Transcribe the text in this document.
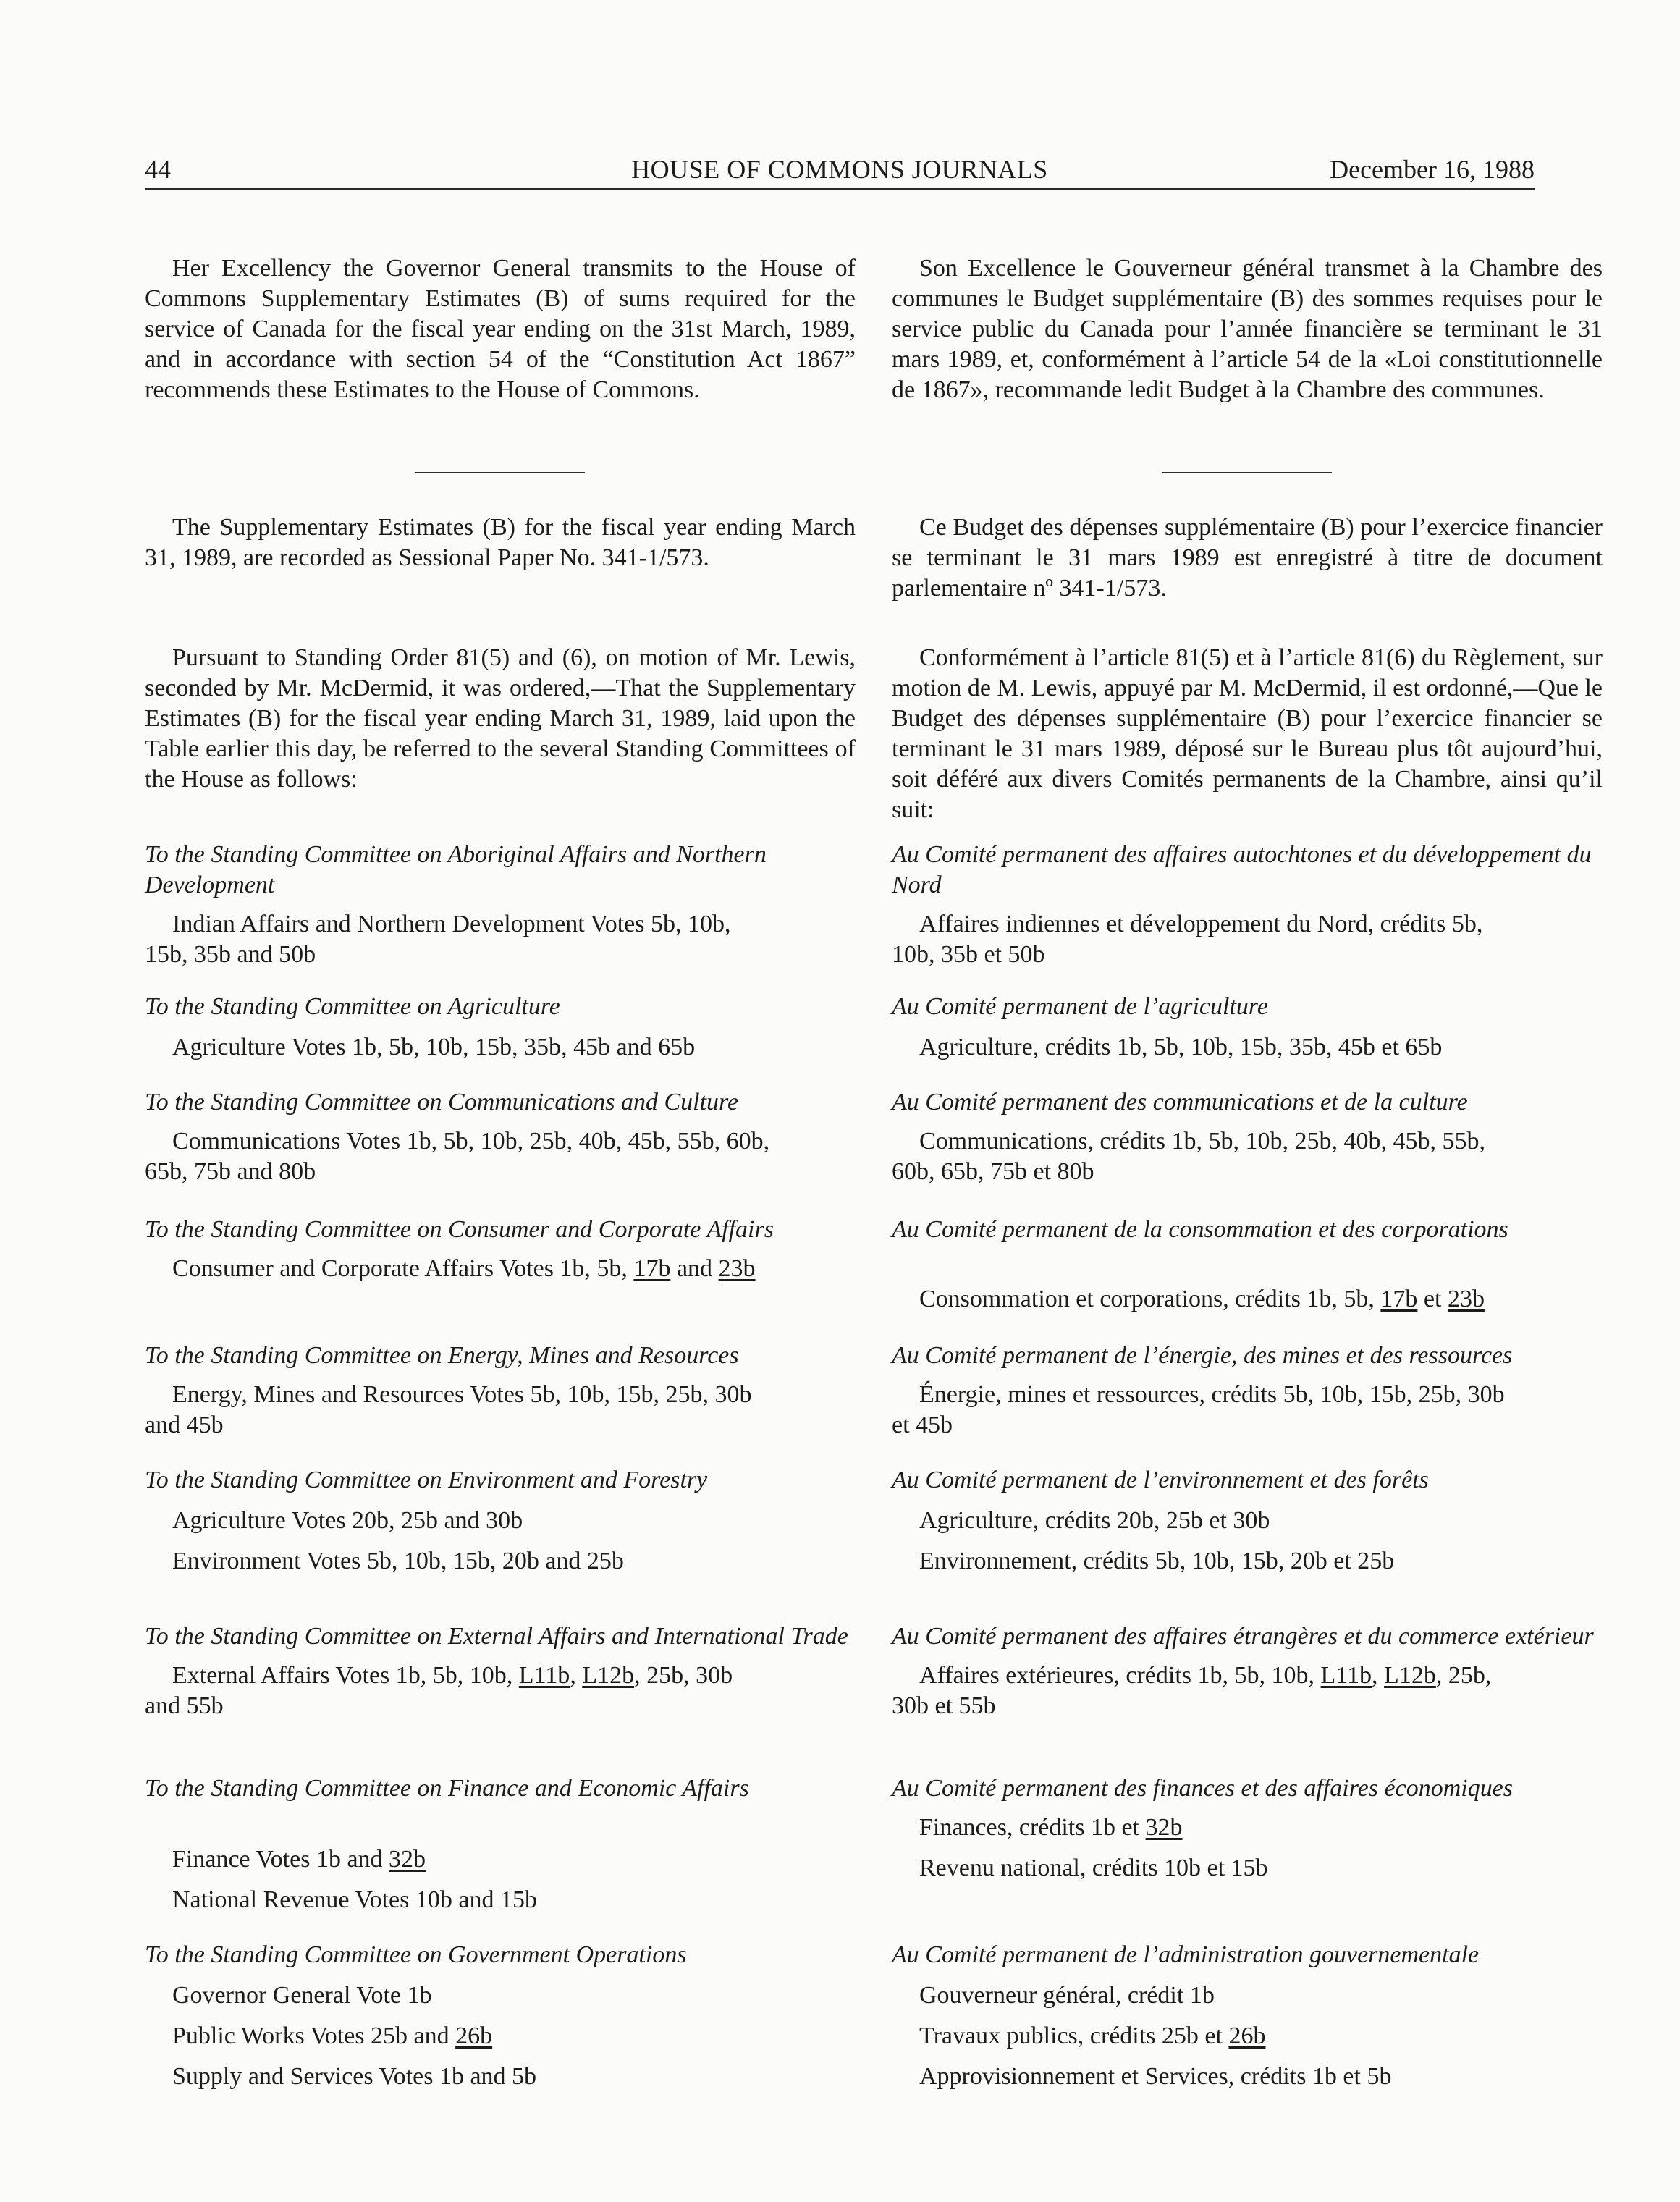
44	HOUSE OF COMMONS JOURNALS	December 16, 1988

Her Excellency the Governor General transmits to the House of Commons Supplementary Estimates (B) of sums required for the service of Canada for the fiscal year ending on the 31st March, 1989, and in accordance with section 54 of the “Constitution Act 1867” recommends these Estimates to the House of Commons.

The Supplementary Estimates (B) for the fiscal year ending March 31, 1989, are recorded as Sessional Paper No. 341-1/573.

Pursuant to Standing Order 81(5) and (6), on motion of Mr. Lewis, seconded by Mr. McDermid, it was ordered,—That the Supplementary Estimates (B) for the fiscal year ending March 31, 1989, laid upon the Table earlier this day, be referred to the several Standing Committees of the House as follows:

To the Standing Committee on Aboriginal Affairs and Northern Development

Indian Affairs and Northern Development Votes 5b, 10b,
15b, 35b and 50b

To the Standing Committee on Agriculture

Agriculture Votes 1b, 5b, 10b, 15b, 35b, 45b and 65b

To the Standing Committee on Communications and Culture

Communications Votes 1b, 5b, 10b, 25b, 40b, 45b, 55b, 60b,
65b, 75b and 80b

To the Standing Committee on Consumer and Corporate Affairs

Consumer and Corporate Affairs Votes 1b, 5b, 17b and 23b

To the Standing Committee on Energy, Mines and Resources

Energy, Mines and Resources Votes 5b, 10b, 15b, 25b, 30b
and 45b

To the Standing Committee on Environment and Forestry

Agriculture Votes 20b, 25b and 30b

Environment Votes 5b, 10b, 15b, 20b and 25b

To the Standing Committee on External Affairs and International Trade

External Affairs Votes 1b, 5b, 10b, L11b, L12b, 25b, 30b
and 55b

To the Standing Committee on Finance and Economic Affairs

Finance Votes 1b and 32b

National Revenue Votes 10b and 15b

To the Standing Committee on Government Operations

Governor General Vote 1b

Public Works Votes 25b and 26b

Supply and Services Votes 1b and 5b

Son Excellence le Gouverneur général transmet à la Chambre des communes le Budget supplémentaire (B) des sommes requises pour le service public du Canada pour l’année financière se terminant le 31 mars 1989, et, conformément à l’article 54 de la «Loi constitutionnelle de 1867», recommande ledit Budget à la Chambre des communes.

Ce Budget des dépenses supplémentaire (B) pour l’exercice financier se terminant le 31 mars 1989 est enregistré à titre de document parlementaire nº 341-1/573.

Conformément à l’article 81(5) et à l’article 81(6) du Règlement, sur motion de M. Lewis, appuyé par M. McDermid, il est ordonné,—Que le Budget des dépenses supplémentaire (B) pour l’exercice financier se terminant le 31 mars 1989, déposé sur le Bureau plus tôt aujourd’hui, soit déféré aux divers Comités permanents de la Chambre, ainsi qu’il suit:

Au Comité permanent des affaires autochtones et du développement du Nord

Affaires indiennes et développement du Nord, crédits 5b,
10b, 35b et 50b

Au Comité permanent de l’agriculture

Agriculture, crédits 1b, 5b, 10b, 15b, 35b, 45b et 65b

Au Comité permanent des communications et de la culture

Communications, crédits 1b, 5b, 10b, 25b, 40b, 45b, 55b,
60b, 65b, 75b et 80b

Au Comité permanent de la consommation et des corporations

Consommation et corporations, crédits 1b, 5b, 17b et 23b

Au Comité permanent de l’énergie, des mines et des ressources

Énergie, mines et ressources, crédits 5b, 10b, 15b, 25b, 30b
et 45b

Au Comité permanent de l’environnement et des forêts

Agriculture, crédits 20b, 25b et 30b

Environnement, crédits 5b, 10b, 15b, 20b et 25b

Au Comité permanent des affaires étrangères et du commerce extérieur

Affaires extérieures, crédits 1b, 5b, 10b, L11b, L12b, 25b,
30b et 55b

Au Comité permanent des finances et des affaires économiques

Finances, crédits 1b et 32b

Revenu national, crédits 10b et 15b

Au Comité permanent de l’administration gouvernementale

Gouverneur général, crédit 1b

Travaux publics, crédits 25b et 26b

Approvisionnement et Services, crédits 1b et 5b
